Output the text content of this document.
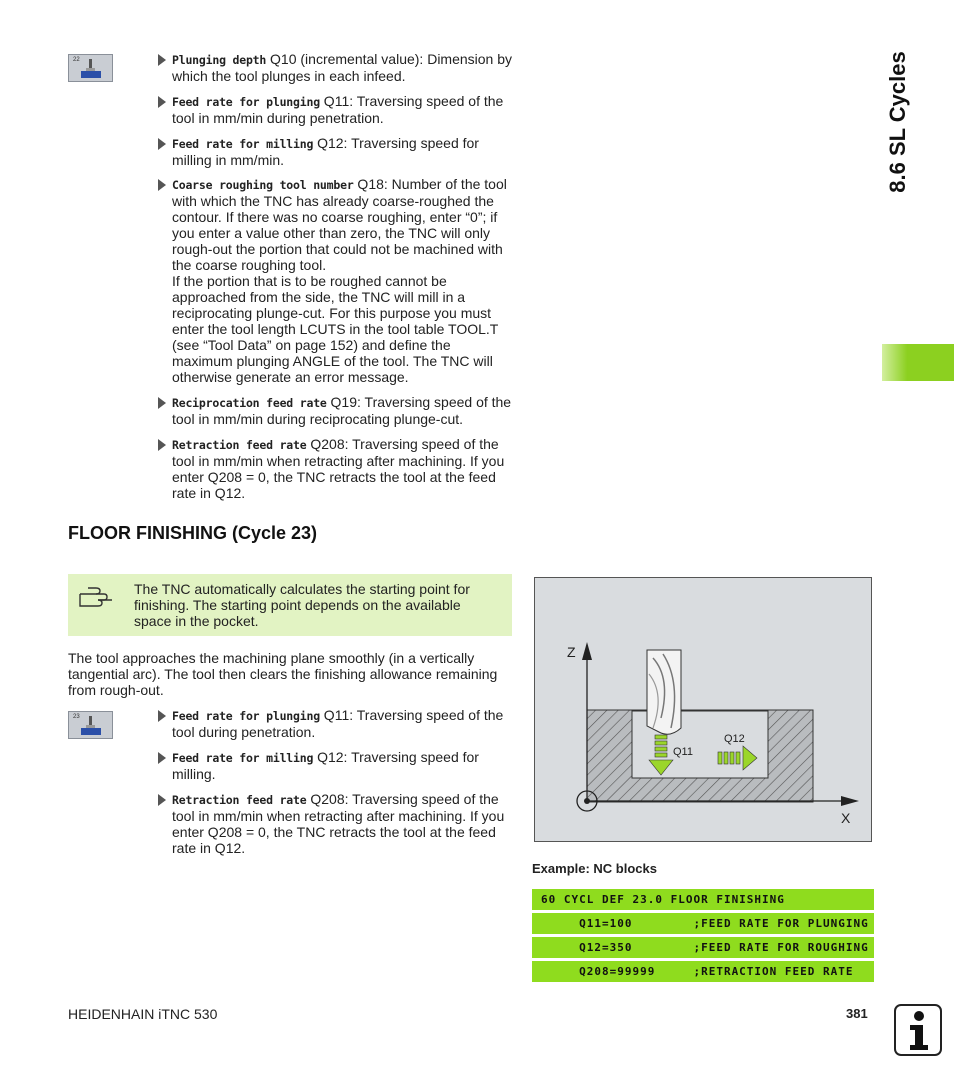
8.6 SL Cycles
22	Plunging depth Q10 (incremental value): Dimension by which the tool plunges in each infeed.
Feed rate for plunging Q11: Traversing speed of the tool in mm/min during penetration.
Feed rate for milling Q12: Traversing speed for milling in mm/min.
Coarse roughing tool number Q18: Number of the tool with which the TNC has already coarse-roughed the contour. If there was no coarse roughing, enter “0”; if you enter a value other than zero, the TNC will only rough-out the portion that could not be machined with the coarse roughing tool.
If the portion that is to be roughed cannot be approached from the side, the TNC will mill in a reciprocating plunge-cut. For this purpose you must enter the tool length LCUTS in the tool table TOOL.T (see “Tool Data” on page 152) and define the maximum plunging ANGLE of the tool. The TNC will otherwise generate an error message.
Reciprocation feed rate Q19: Traversing speed of the tool in mm/min during reciprocating plunge-cut.
Retraction feed rate Q208: Traversing speed of the tool in mm/min when retracting after machining. If you enter Q208 = 0, the TNC retracts the tool at the feed rate in Q12.
FLOOR FINISHING (Cycle 23)
The TNC automatically calculates the starting point for finishing. The starting point depends on the available space in the pocket.
The tool approaches the machining plane smoothly (in a vertically tangential arc). The tool then clears the finishing allowance remaining from rough-out.
23	Feed rate for plunging Q11: Traversing speed of the tool during penetration.
Feed rate for milling Q12: Traversing speed for milling.
Retraction feed rate Q208: Traversing speed of the tool in mm/min when retracting after machining. If you enter Q208 = 0, the TNC retracts the tool at the feed rate in Q12.
Z
X
Q11
Q12
Example: NC blocks
60 CYCL DEF 23.0 FLOOR FINISHING
Q11=100        ;FEED RATE FOR PLUNGING
Q12=350        ;FEED RATE FOR ROUGHING
Q208=99999     ;RETRACTION FEED RATE
HEIDENHAIN iTNC 530	381
